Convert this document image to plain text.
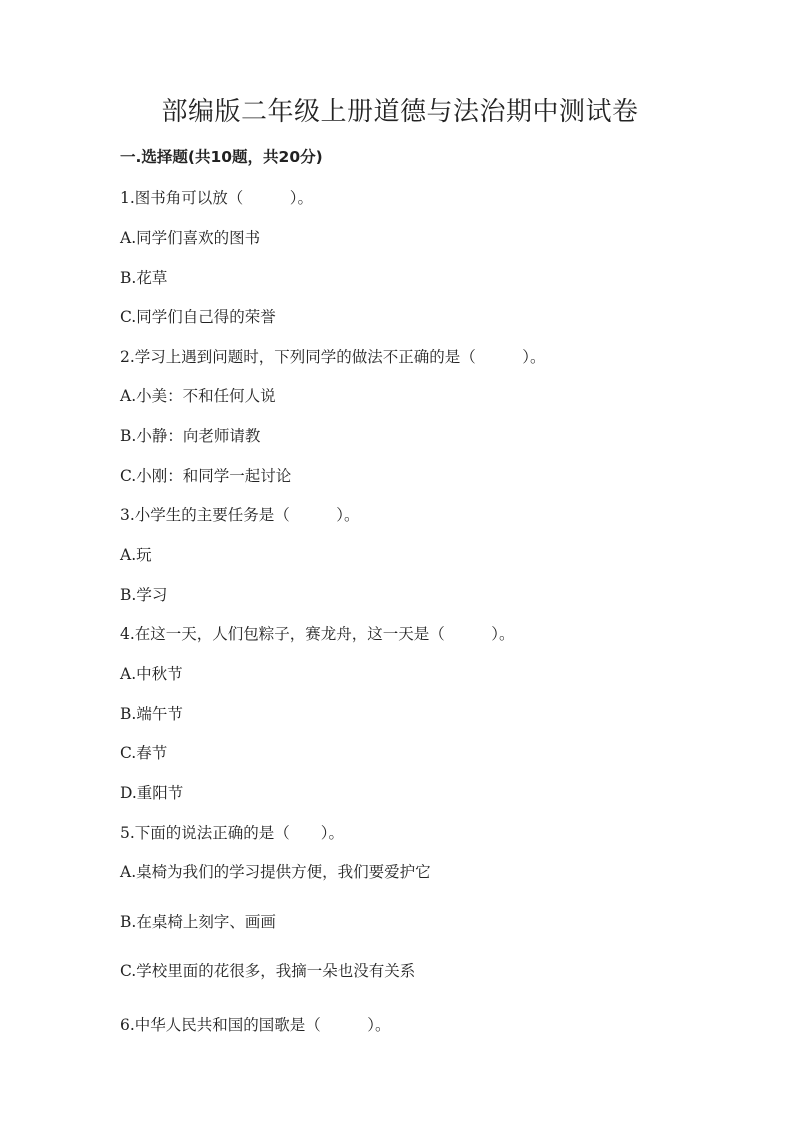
部编版二年级上册道德与法治期中测试卷
一.选择题(共10题，共20分)
1.图书角可以放（　　　）。
A.同学们喜欢的图书
B.花草
C.同学们自己得的荣誉
2.学习上遇到问题时，下列同学的做法不正确的是（　　　）。
A.小美：不和任何人说
B.小静：向老师请教
C.小刚：和同学一起讨论
3.小学生的主要任务是（　　　）。
A.玩
B.学习
4.在这一天，人们包粽子，赛龙舟，这一天是（　　　）。
A.中秋节
B.端午节
C.春节
D.重阳节
5.下面的说法正确的是（　　）。
A.桌椅为我们的学习提供方便，我们要爱护它
B.在桌椅上刻字、画画
C.学校里面的花很多，我摘一朵也没有关系
6.中华人民共和国的国歌是（　　　）。
